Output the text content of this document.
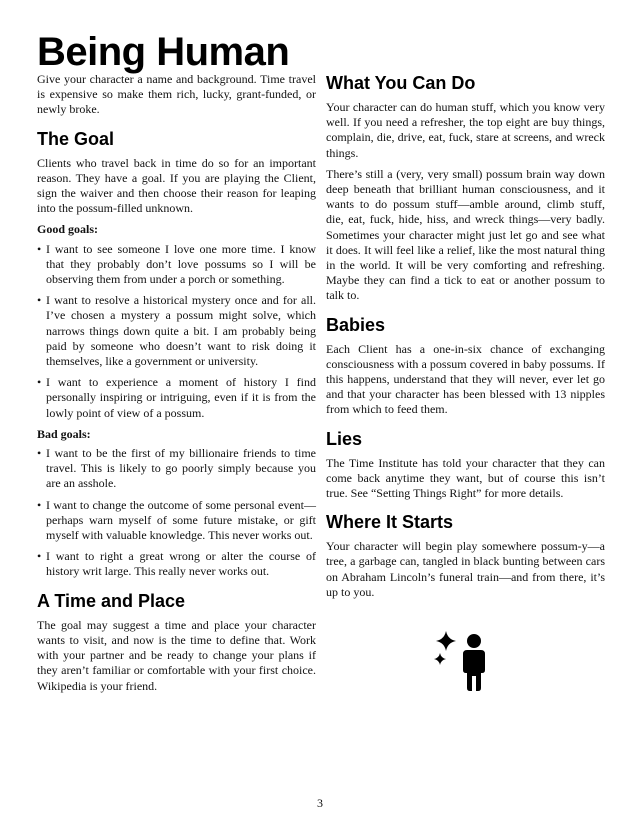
Being Human

Give your character a name and background. Time travel is expensive so make them rich, lucky, grant-funded, or newly broke.

The Goal

Clients who travel back in time do so for an important reason. They have a goal. If you are playing the Client, sign the waiver and then choose their reason for leaping into the possum-filled unknown.

Good goals:

• I want to see someone I love one more time. I know that they probably don’t love possums so I will be observing them from under a porch or something.
• I want to resolve a historical mystery once and for all. I’ve chosen a mystery a possum might solve, which narrows things down quite a bit. I am probably being paid by someone who doesn’t want to risk doing it themselves, like a government or university.
• I want to experience a moment of history I find personally inspiring or intriguing, even if it is from the lowly point of view of a possum.

Bad goals:

• I want to be the first of my billionaire friends to time travel. This is likely to go poorly simply because you are an asshole.
• I want to change the outcome of some personal event—perhaps warn myself of some future mistake, or gift myself with valuable knowledge. This never works out.
• I want to right a great wrong or alter the course of history writ large. This really never works out.
A Time and Place

The goal may suggest a time and place your character wants to visit, and now is the time to define that. Work with your partner and be ready to change your plans if they aren’t familiar or comfortable with your first choice. Wikipedia is your friend.

What You Can Do

Your character can do human stuff, which you know very well. If you need a refresher, the top eight are buy things, complain, die, drive, eat, fuck, stare at screens, and wreck things.

There’s still a (very, very small) possum brain way down deep beneath that brilliant human consciousness, and it wants to do possum stuff—amble around, climb stuff, die, eat, fuck, hide, hiss, and wreck things—very badly. Sometimes your character might just let go and see what it does. It will feel like a relief, like the most natural thing in the world. It will be very comforting and refreshing. Maybe they can find a tick to eat or another possum to talk to.

Babies

Each Client has a one-in-six chance of exchanging consciousness with a possum covered in baby possums. If this happens, understand that they will never, ever let go and that your character has been blessed with 13 nipples from which to feed them.

Lies

The Time Institute has told your character that they can come back anytime they want, but of course this isn’t true. See “Setting Things Right” for more details.

Where It Starts

Your character will begin play somewhere possum-y—a tree, a garbage can, tangled in black bunting between cars on Abraham Lincoln’s funeral train—and from there, it’s up to you.

3
